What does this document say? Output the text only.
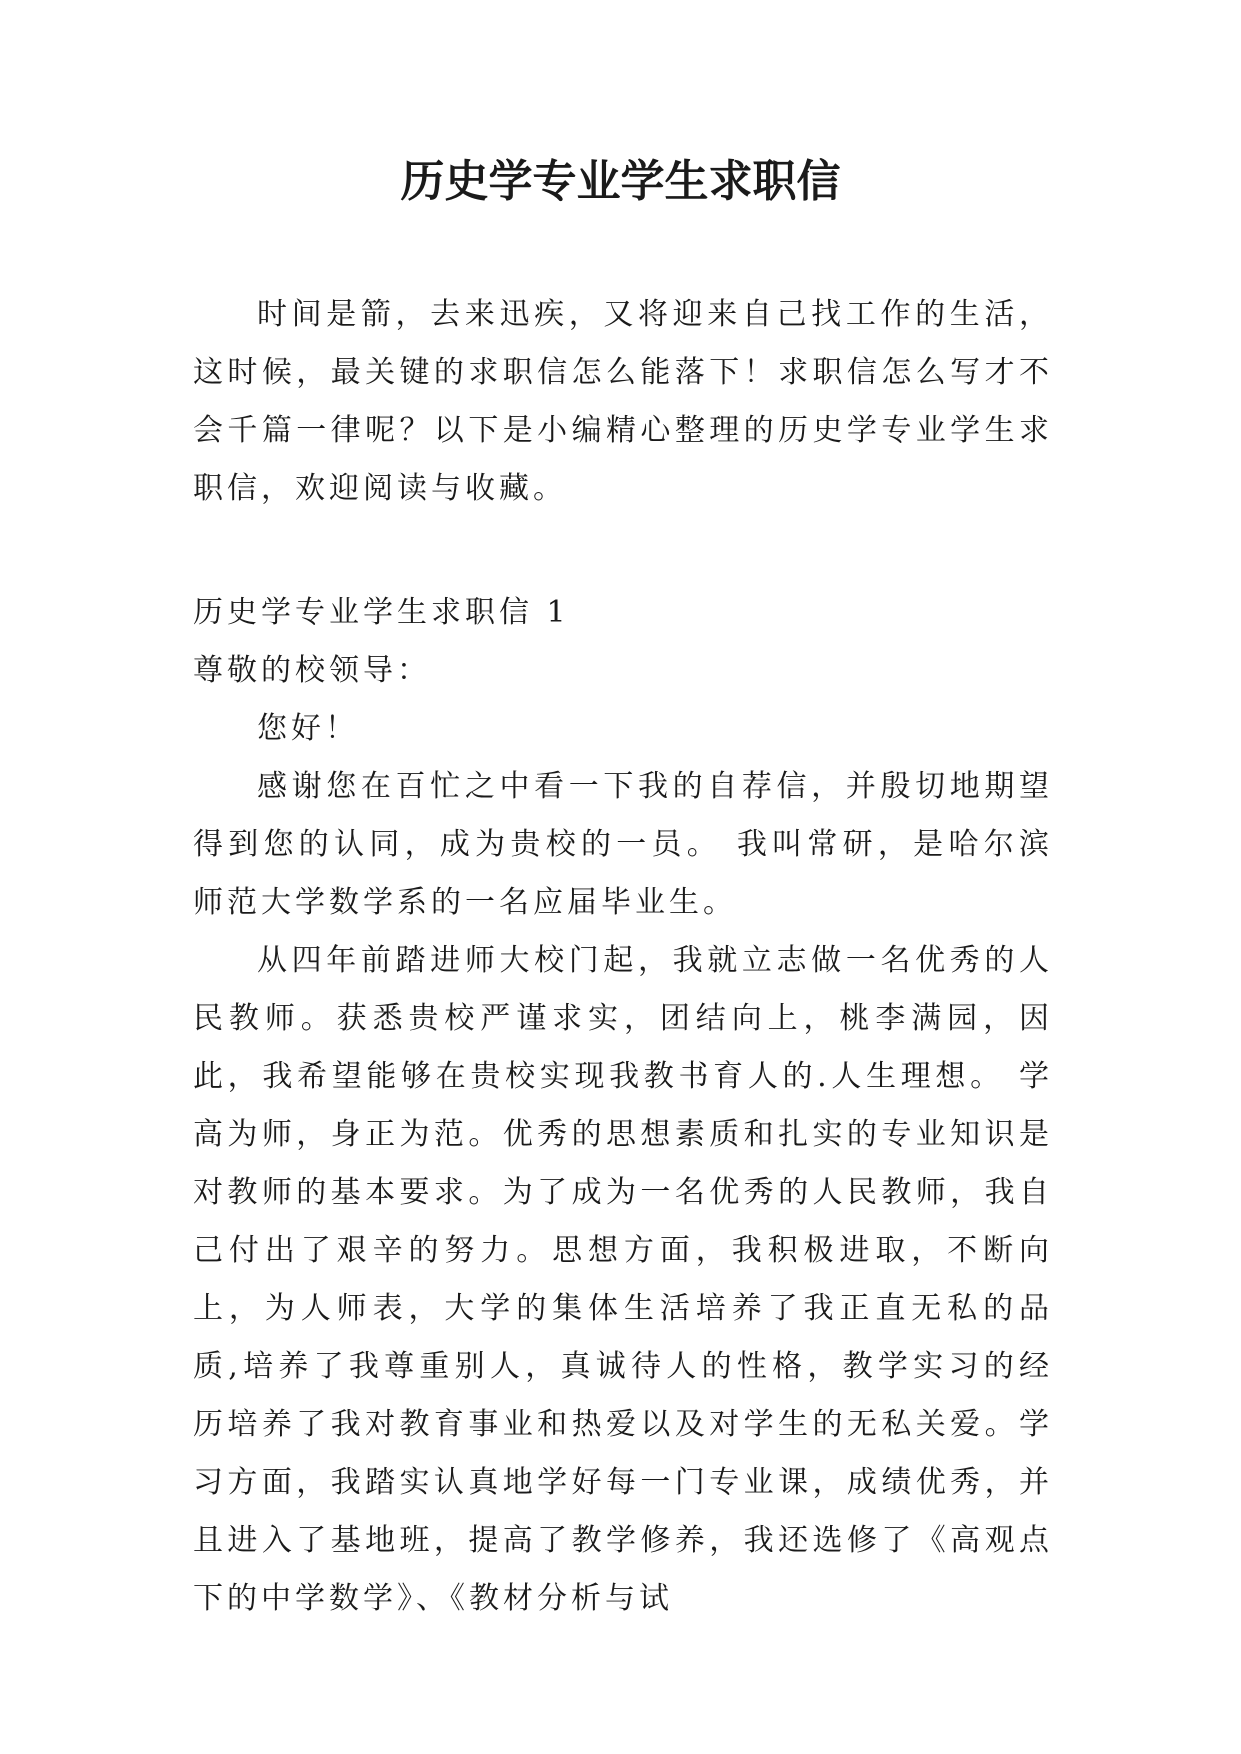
历史学专业学生求职信

时间是箭，去来迅疾，又将迎来自己找工作的生活，这时候，最关键的求职信怎么能落下！求职信怎么写才不会千篇一律呢？以下是小编精心整理的历史学专业学生求职信，欢迎阅读与收藏。

历史学专业学生求职信 1

尊敬的校领导：

您好！

感谢您在百忙之中看一下我的自荐信，并殷切地期望得到您的认同，成为贵校的一员。 我叫常研，是哈尔滨师范大学数学系的一名应届毕业生。

从四年前踏进师大校门起，我就立志做一名优秀的人民教师。获悉贵校严谨求实，团结向上，桃李满园，因此，我希望能够在贵校实现我教书育人的.人生理想。 学高为师，身正为范。优秀的思想素质和扎实的专业知识是对教师的基本要求。为了成为一名优秀的人民教师，我自己付出了艰辛的努力。思想方面，我积极进取，不断向上，为人师表，大学的集体生活培养了我正直无私的品质,培养了我尊重别人，真诚待人的性格，教学实习的经历培养了我对教育事业和热爱以及对学生的无私关爱。学习方面，我踏实认真地学好每一门专业课，成绩优秀，并且进入了基地班，提高了教学修养，我还选修了《高观点下的中学数学》、《教材分析与试
